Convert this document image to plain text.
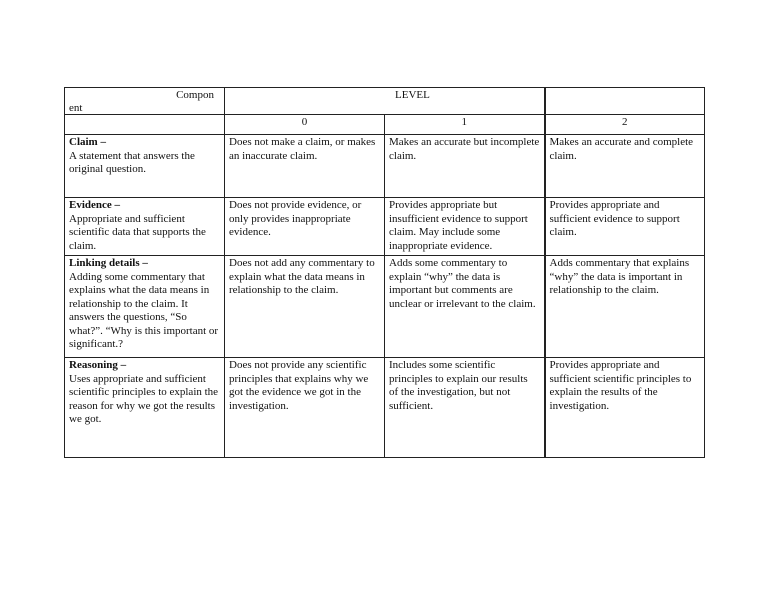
Compon
ent	LEVEL		

	0	1	2
Claim –
A statement that answers the original question.	Does not make a claim, or makes an inaccurate claim.	Makes an accurate but incomplete claim.	Makes an accurate and complete claim.
Evidence –
Appropriate and sufficient scientific data that supports the claim.	Does not provide evidence, or only provides inappropriate evidence.	Provides appropriate but insufficient evidence to support claim. May include some inappropriate evidence.	Provides appropriate and sufficient evidence to support claim.
Linking details –
Adding some commentary that explains what the data means in relationship to the claim. It answers the questions, “So what?”. “Why is this important or significant.?	Does not add any commentary to explain what the data means in relationship to the claim.	Adds some commentary to explain “why” the data is important but comments are unclear or irrelevant to the claim.	Adds commentary that explains “why” the data is important in relationship to the claim.
Reasoning –
Uses appropriate and sufficient scientific principles to explain the reason for why we got the results we got.	Does not provide any scientific principles that explains why we got the evidence we got in the investigation.	Includes some scientific principles to explain our results of the investigation, but not sufficient.	Provides appropriate and sufficient scientific principles to explain the results of the investigation.
